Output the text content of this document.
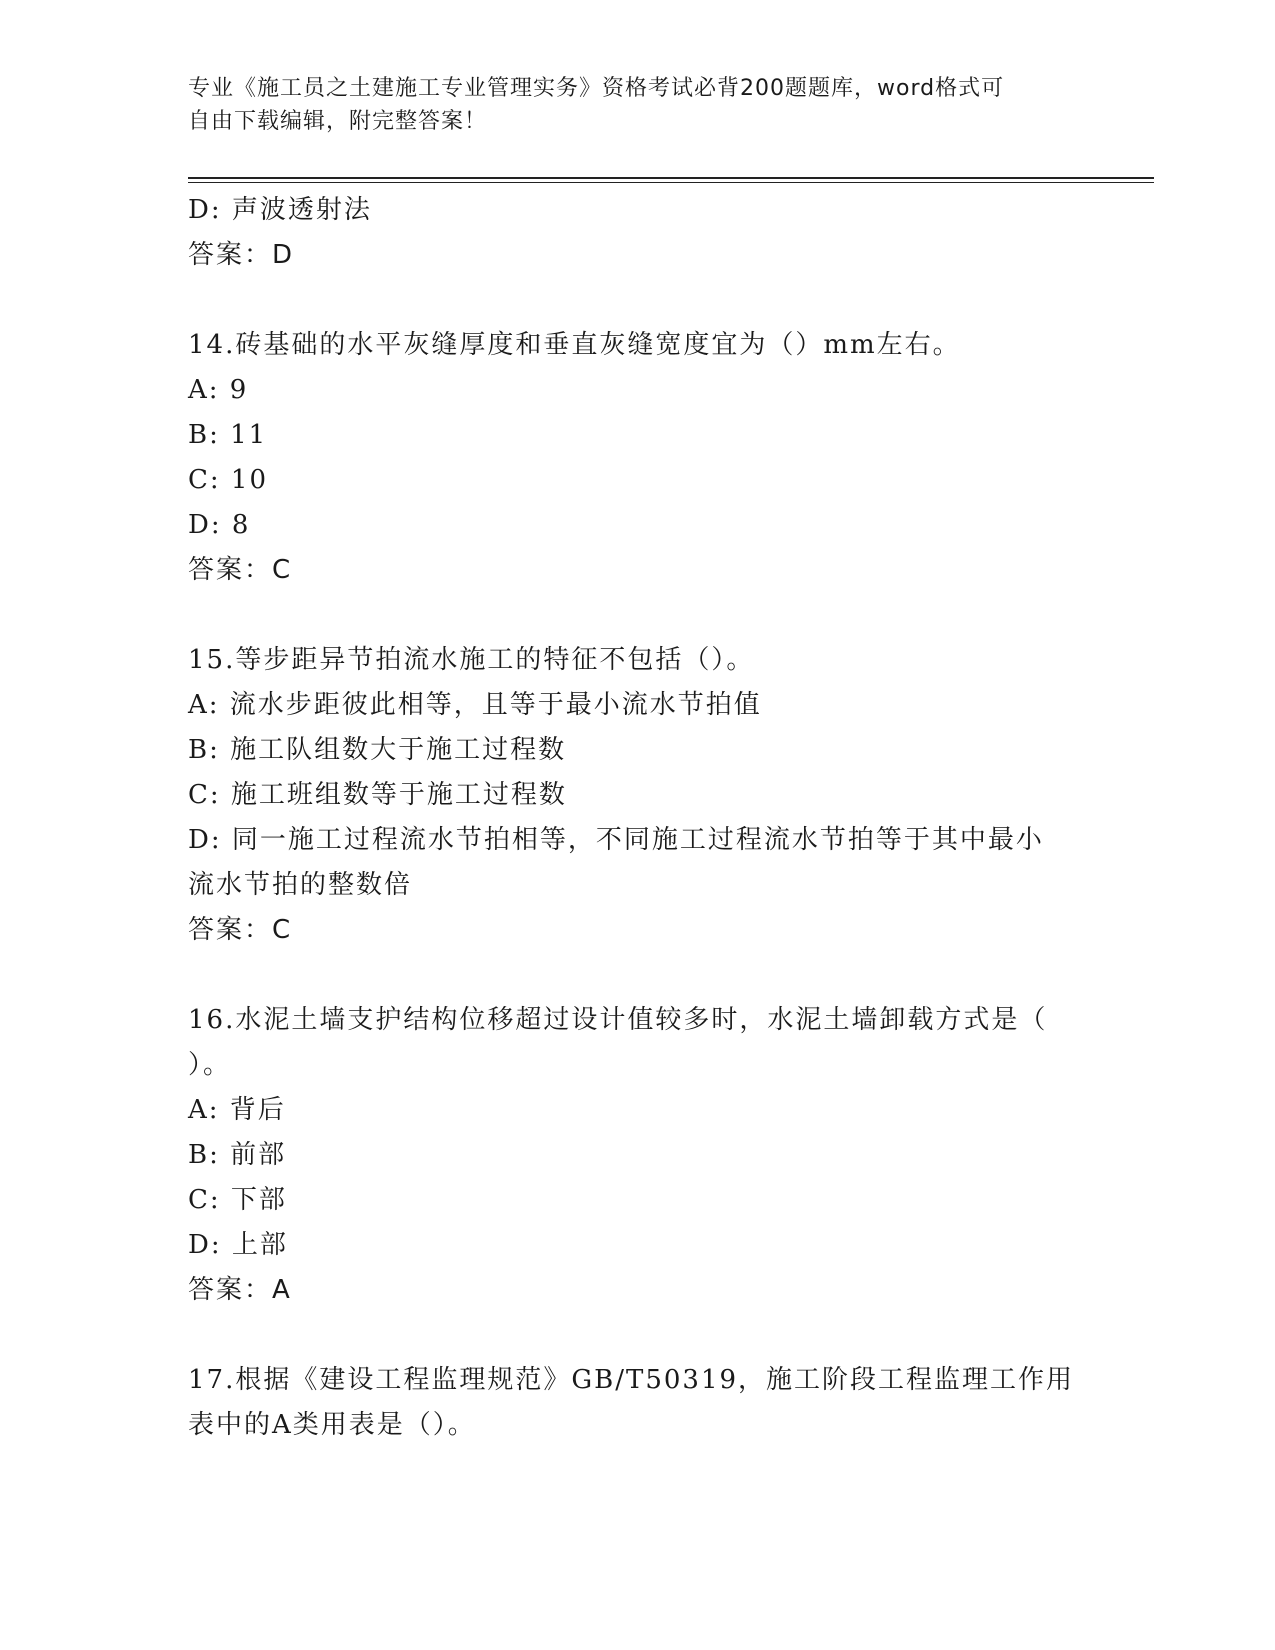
专业《施工员之土建施工专业管理实务》资格考试必背200题题库，word格式可
自由下载编辑，附完整答案！
D: 声波透射法
答案：D
14.砖基础的水平灰缝厚度和垂直灰缝宽度宜为（）mm左右。
A: 9
B: 11
C: 10
D: 8
答案：C
15.等步距异节拍流水施工的特征不包括（）。
A: 流水步距彼此相等，且等于最小流水节拍值
B: 施工队组数大于施工过程数
C: 施工班组数等于施工过程数
D: 同一施工过程流水节拍相等，不同施工过程流水节拍等于其中最小
流水节拍的整数倍
答案：C
16.水泥土墙支护结构位移超过设计值较多时，水泥土墙卸载方式是（
）。
A: 背后
B: 前部
C: 下部
D: 上部
答案：A
17.根据《建设工程监理规范》GB/T50319，施工阶段工程监理工作用
表中的A类用表是（）。
